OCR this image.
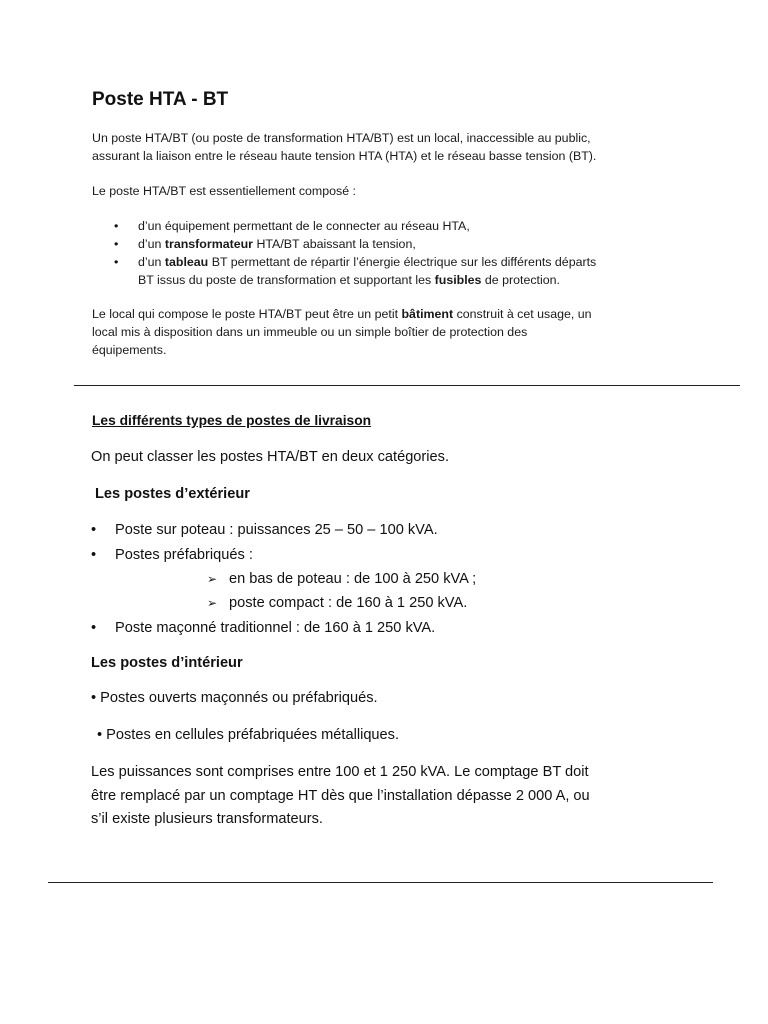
Poste HTA - BT
Un poste HTA/BT (ou poste de transformation HTA/BT) est un local, inaccessible au public,
assurant la liaison entre le réseau haute tension HTA (HTA) et le réseau basse tension (BT).
Le poste HTA/BT est essentiellement composé :
• d’un équipement permettant de le connecter au réseau HTA,
• d’un transformateur HTA/BT abaissant la tension,
• d’un tableau BT permettant de répartir l’énergie électrique sur les différents départs
BT issus du poste de transformation et supportant les fusibles de protection.
Le local qui compose le poste HTA/BT peut être un petit bâtiment construit à cet usage, un
local mis à disposition dans un immeuble ou un simple boîtier de protection des
équipements.
Les différents types de postes de livraison
On peut classer les postes HTA/BT en deux catégories.
Les postes d’extérieur
•	Poste sur poteau : puissances 25 – 50 – 100 kVA.
•	Postes préfabriqués :
➢ en bas de poteau : de 100 à 250 kVA ;
➢ poste compact : de 160 à 1 250 kVA.
•	Poste maçonné traditionnel : de 160 à 1 250 kVA.
Les postes d’intérieur
• Postes ouverts maçonnés ou préfabriqués.
• Postes en cellules préfabriquées métalliques.
Les puissances sont comprises entre 100 et 1 250 kVA. Le comptage BT doit
être remplacé par un comptage HT dès que l’installation dépasse 2 000 A, ou
s’il existe plusieurs transformateurs.
